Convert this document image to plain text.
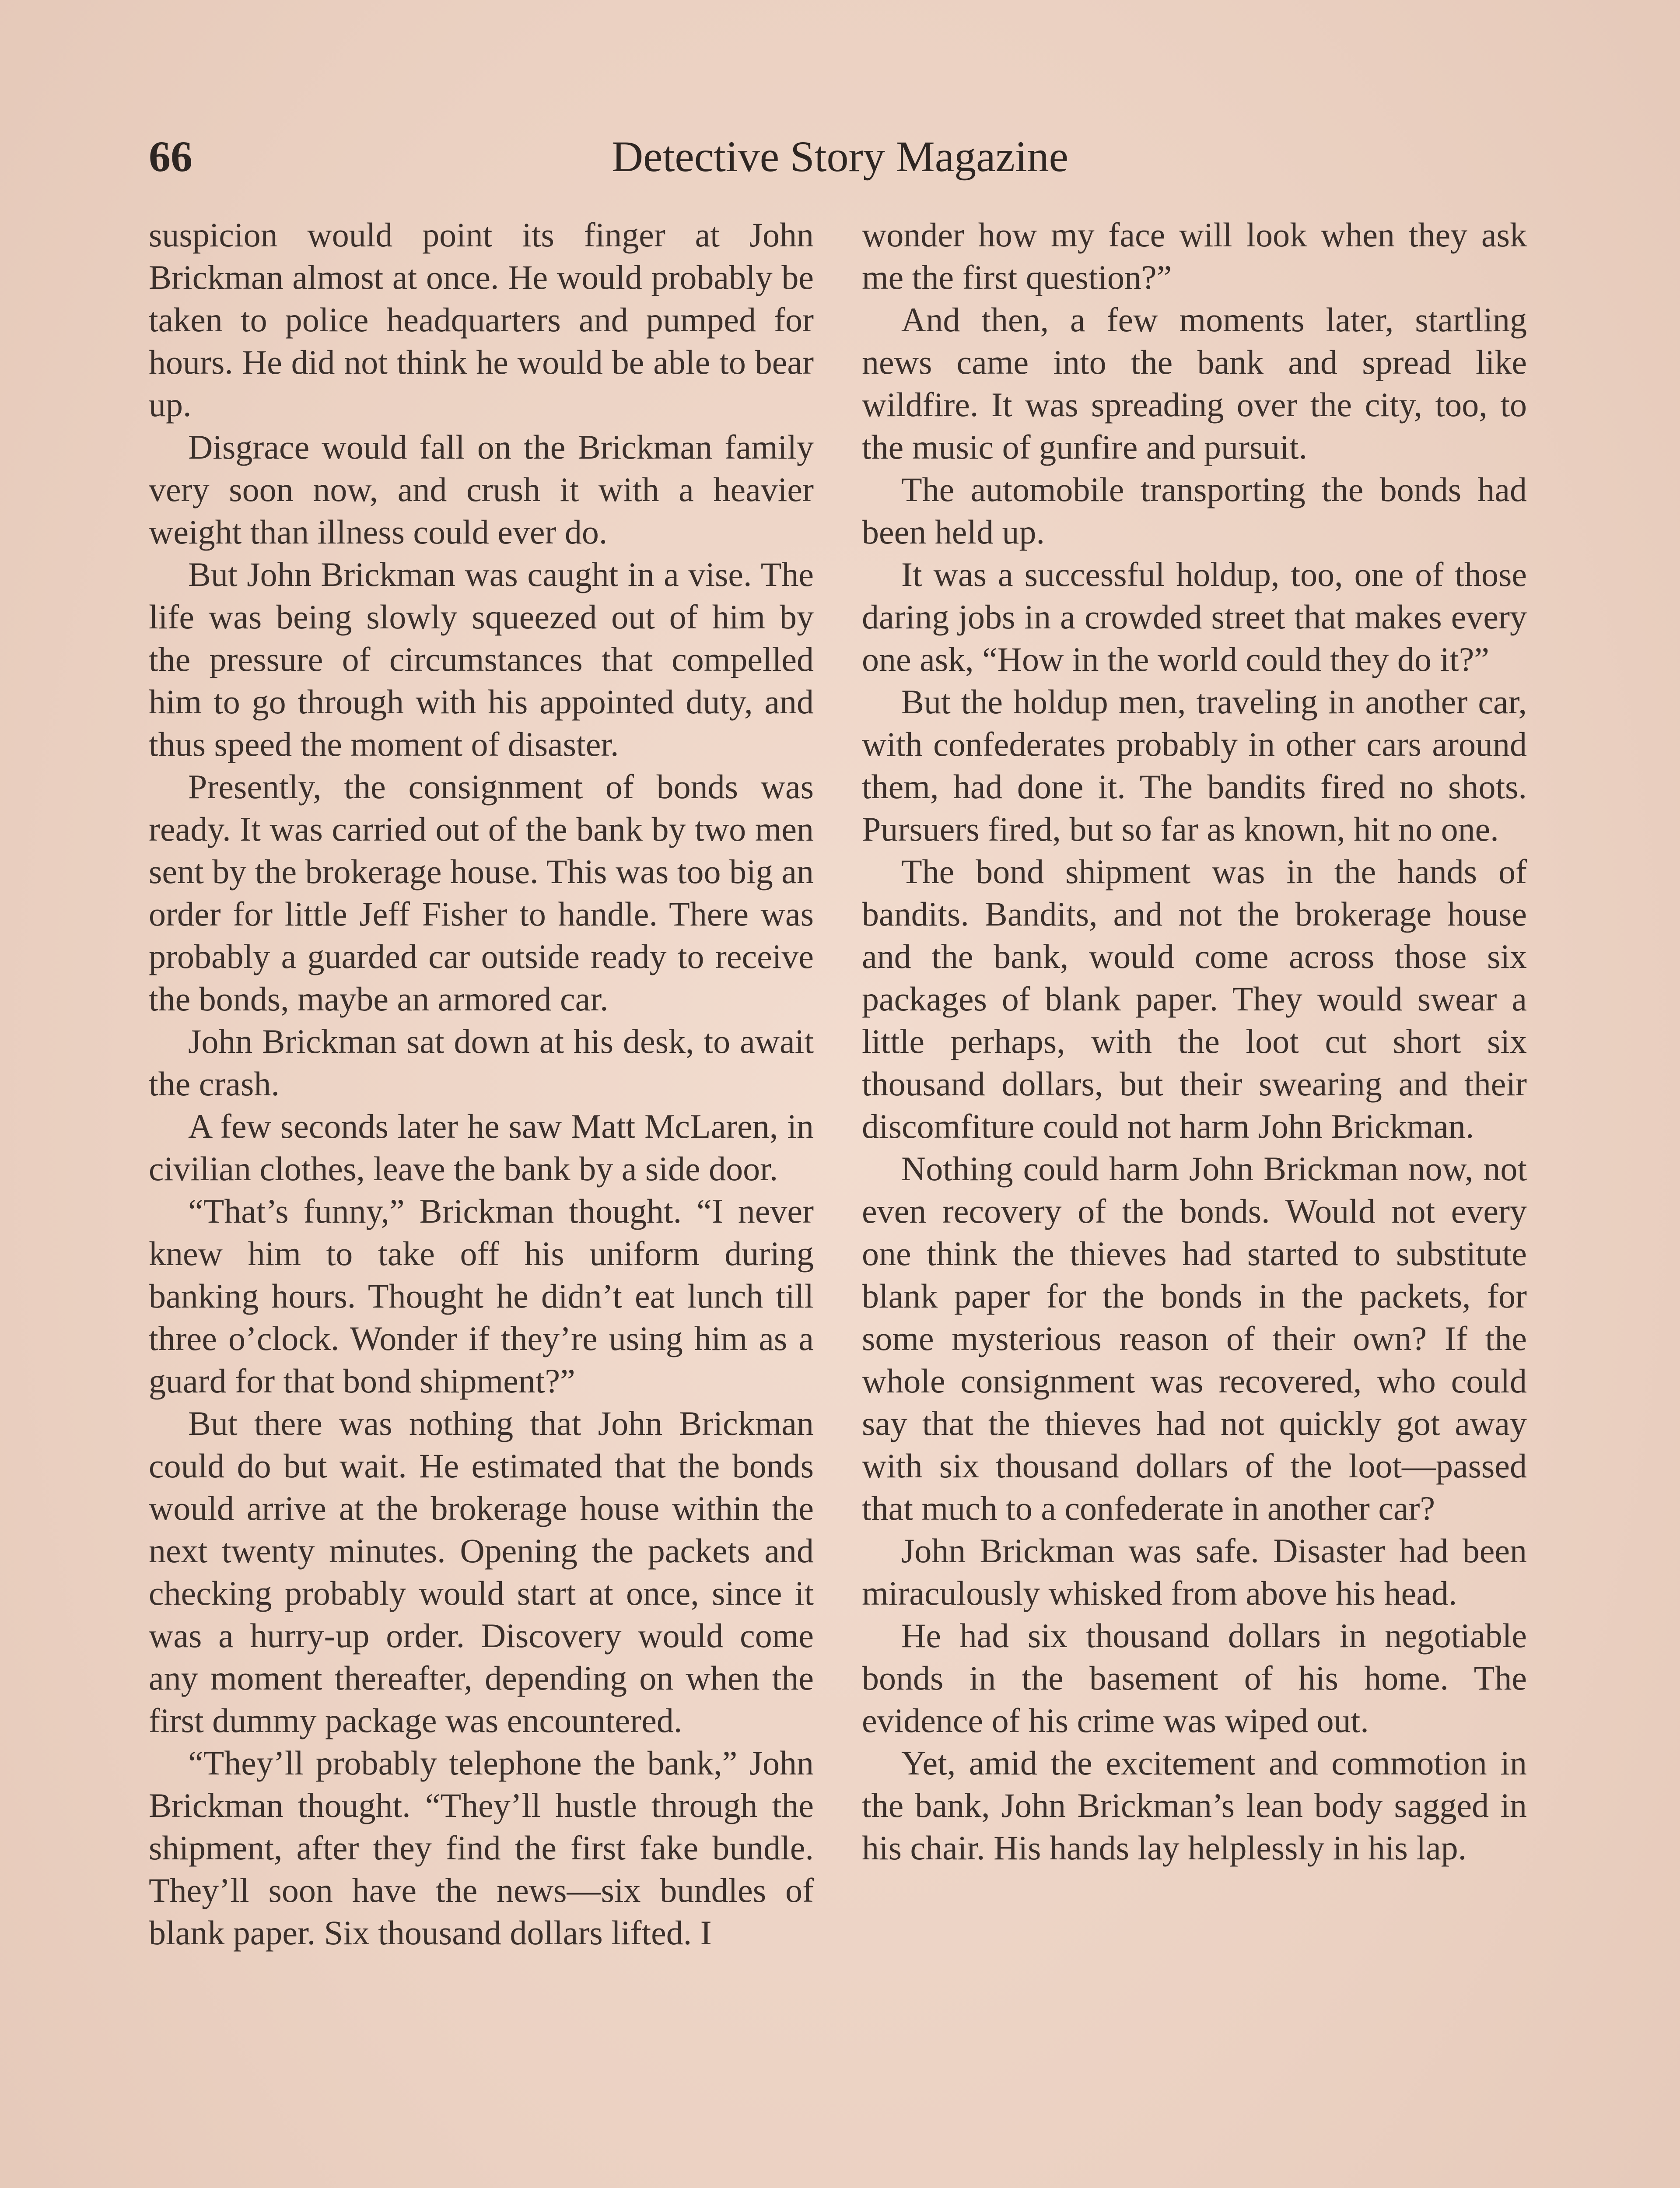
66	Detective Story Magazine

suspicion would point its finger at John Brickman almost at once. He would probably be taken to police headquarters and pumped for hours. He did not think he would be able to bear up.

Disgrace would fall on the Brickman family very soon now, and crush it with a heavier weight than illness could ever do.

But John Brickman was caught in a vise. The life was being slowly squeezed out of him by the pressure of circumstances that compelled him to go through with his appointed duty, and thus speed the moment of disaster.

Presently, the consignment of bonds was ready. It was carried out of the bank by two men sent by the brokerage house. This was too big an order for little Jeff Fisher to handle. There was probably a guarded car outside ready to receive the bonds, maybe an armored car.

John Brickman sat down at his desk, to await the crash.

A few seconds later he saw Matt McLaren, in civilian clothes, leave the bank by a side door.

“That’s funny,” Brickman thought. “I never knew him to take off his uniform during banking hours. Thought he didn’t eat lunch till three o’clock. Wonder if they’re using him as a guard for that bond shipment?”

But there was nothing that John Brickman could do but wait. He estimated that the bonds would arrive at the brokerage house within the next twenty minutes. Opening the packets and checking probably would start at once, since it was a hurry-up order. Discovery would come any moment thereafter, depending on when the first dummy package was encountered.

“They’ll probably telephone the bank,” John Brickman thought. “They’ll hustle through the shipment, after they find the first fake bundle. They’ll soon have the news—six bundles of blank paper. Six thousand dollars lifted. I

wonder how my face will look when they ask me the first question?”

And then, a few moments later, startling news came into the bank and spread like wildfire. It was spreading over the city, too, to the music of gunfire and pursuit.

The automobile transporting the bonds had been held up.

It was a successful holdup, too, one of those daring jobs in a crowded street that makes every one ask, “How in the world could they do it?”

But the holdup men, traveling in another car, with confederates probably in other cars around them, had done it. The bandits fired no shots. Pursuers fired, but so far as known, hit no one.

The bond shipment was in the hands of bandits. Bandits, and not the brokerage house and the bank, would come across those six packages of blank paper. They would swear a little perhaps, with the loot cut short six thousand dollars, but their swearing and their discomfiture could not harm John Brickman.

Nothing could harm John Brickman now, not even recovery of the bonds. Would not every one think the thieves had started to substitute blank paper for the bonds in the packets, for some mysterious reason of their own? If the whole consignment was recovered, who could say that the thieves had not quickly got away with six thousand dollars of the loot—passed that much to a confederate in another car?

John Brickman was safe. Disaster had been miraculously whisked from above his head.

He had six thousand dollars in negotiable bonds in the basement of his home. The evidence of his crime was wiped out.

Yet, amid the excitement and commotion in the bank, John Brickman’s lean body sagged in his chair. His hands lay helplessly in his lap.
